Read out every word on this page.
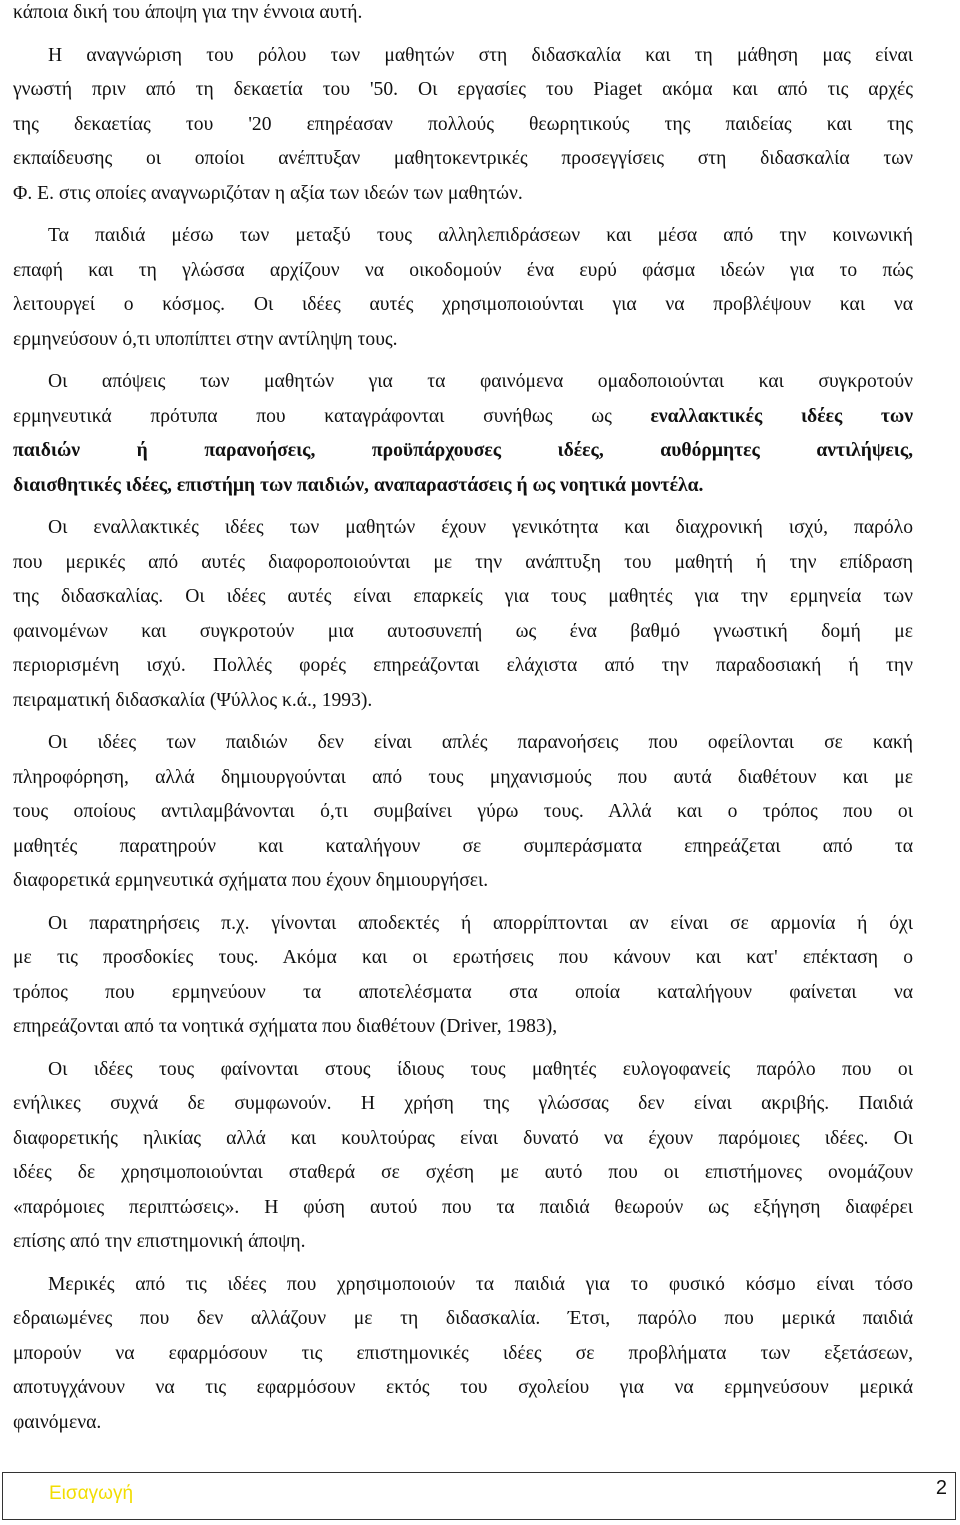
κάποια δική του άποψη για την έννοια αυτή.
Η αναγνώριση του ρόλου των μαθητών στη διδασκαλία και τη μάθηση μας είναι
γνωστή πριν από τη δεκαετία του '50. Οι εργασίες του Piaget ακόμα και από τις αρχές
της δεκαετίας του '20 επηρέασαν πολλούς θεωρητικούς της παιδείας και της
εκπαίδευσης οι οποίοι ανέπτυξαν μαθητοκεντρικές προσεγγίσεις στη διδασκαλία των
Φ. Ε. στις οποίες αναγνωριζόταν η αξία των ιδεών των μαθητών.
Τα παιδιά μέσω των μεταξύ τους αλληλεπιδράσεων και μέσα από την κοινωνική
επαφή και τη γλώσσα αρχίζουν να οικοδομούν ένα ευρύ φάσμα ιδεών για το πώς
λειτουργεί ο κόσμος. Οι ιδέες αυτές χρησιμοποιούνται για να προβλέψουν και να
ερμηνεύσουν ό,τι υποπίπτει στην αντίληψη τους.
Οι απόψεις των μαθητών για τα φαινόμενα ομαδοποιούνται και συγκροτούν
ερμηνευτικά πρότυπα που καταγράφονται συνήθως ως εναλλακτικές ιδέες των
παιδιών ή παρανοήσεις, προϋπάρχουσες ιδέες, αυθόρμητες αντιλήψεις,
διαισθητικές ιδέες, επιστήμη των παιδιών, αναπαραστάσεις ή ως νοητικά μοντέλα.
Οι εναλλακτικές ιδέες των μαθητών έχουν γενικότητα και διαχρονική ισχύ, παρόλο
που μερικές από αυτές διαφοροποιούνται με την ανάπτυξη του μαθητή ή την επίδραση
της διδασκαλίας. Οι ιδέες αυτές είναι επαρκείς για τους μαθητές για την ερμηνεία των
φαινομένων και συγκροτούν μια αυτοσυνεπή ως ένα βαθμό γνωστική δομή με
περιορισμένη ισχύ. Πολλές φορές επηρεάζονται ελάχιστα από την παραδοσιακή ή την
πειραματική διδασκαλία (Ψύλλος κ.ά., 1993).
Οι ιδέες των παιδιών δεν είναι απλές παρανοήσεις που οφείλονται σε κακή
πληροφόρηση, αλλά δημιουργούνται από τους μηχανισμούς που αυτά διαθέτουν και με
τους οποίους αντιλαμβάνονται ό,τι συμβαίνει γύρω τους. Αλλά και ο τρόπος που οι
μαθητές παρατηρούν και καταλήγουν σε συμπεράσματα επηρεάζεται από τα
διαφορετικά ερμηνευτικά σχήματα που έχουν δημιουργήσει.
Οι παρατηρήσεις π.χ. γίνονται αποδεκτές ή απορρίπτονται αν είναι σε αρμονία ή όχι
με τις προσδοκίες τους. Ακόμα και οι ερωτήσεις που κάνουν και κατ' επέκταση ο
τρόπος που ερμηνεύουν τα αποτελέσματα στα οποία καταλήγουν φαίνεται να
επηρεάζονται από τα νοητικά σχήματα που διαθέτουν (Driver, 1983),
Οι ιδέες τους φαίνονται στους ίδιους τους μαθητές ευλογοφανείς παρόλο που οι
ενήλικες συχνά δε συμφωνούν. Η χρήση της γλώσσας δεν είναι ακριβής. Παιδιά
διαφορετικής ηλικίας αλλά και κουλτούρας είναι δυνατό να έχουν παρόμοιες ιδέες. Οι
ιδέες δε χρησιμοποιούνται σταθερά σε σχέση με αυτό που οι επιστήμονες ονομάζουν
«παρόμοιες περιπτώσεις». Η φύση αυτού που τα παιδιά θεωρούν ως εξήγηση διαφέρει
επίσης από την επιστημονική άποψη.
Μερικές από τις ιδέες που χρησιμοποιούν τα παιδιά για το φυσικό κόσμο είναι τόσο
εδραιωμένες που δεν αλλάζουν με τη διδασκαλία. Έτσι, παρόλο που μερικά παιδιά
μπορούν να εφαρμόσουν τις επιστημονικές ιδέες σε προβλήματα των εξετάσεων,
αποτυγχάνουν να τις εφαρμόσουν εκτός του σχολείου για να ερμηνεύσουν μερικά
φαινόμενα.
Εισαγωγή	2
